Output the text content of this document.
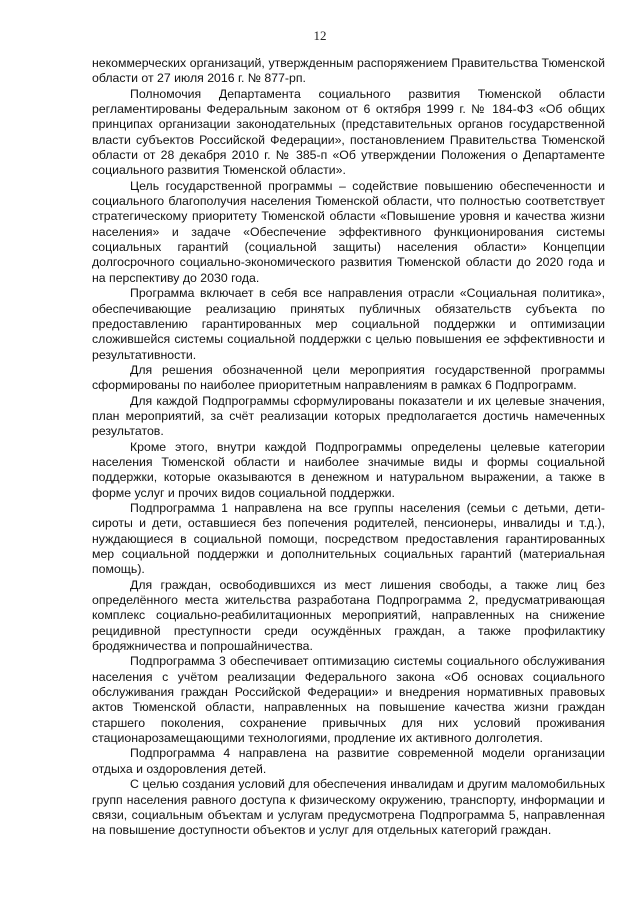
12

некоммерческих организаций, утвержденным распоряжением Правительства Тюменской области от 27 июля 2016 г. № 877-рп.

Полномочия Департамента социального развития Тюменской области регламентированы Федеральным законом от 6 октября 1999 г. № 184-ФЗ «Об общих принципах организации законодательных (представительных органов государственной власти субъектов Российской Федерации», постановлением Правительства Тюменской области от 28 декабря 2010 г. № 385-п «Об утверждении Положения о Департаменте социального развития Тюменской области».

Цель государственной программы – содействие повышению обеспеченности и социального благополучия населения Тюменской области, что полностью соответствует стратегическому приоритету Тюменской области «Повышение уровня и качества жизни населения» и задаче «Обеспечение эффективного функционирования системы социальных гарантий (социальной защиты) населения области» Концепции долгосрочного социально-экономического развития Тюменской области до 2020 года и на перспективу до 2030 года.

Программа включает в себя все направления отрасли «Социальная политика», обеспечивающие реализацию принятых публичных обязательств субъекта по предоставлению гарантированных мер социальной поддержки и оптимизации сложившейся системы социальной поддержки с целью повышения ее эффективности и результативности.

Для решения обозначенной цели мероприятия государственной программы сформированы по наиболее приоритетным направлениям в рамках 6 Подпрограмм.

Для каждой Подпрограммы сформулированы показатели и их целевые значения, план мероприятий, за счёт реализации которых предполагается достичь намеченных результатов.

Кроме этого, внутри каждой Подпрограммы определены целевые категории населения Тюменской области и наиболее значимые виды и формы социальной поддержки, которые оказываются в денежном и натуральном выражении, а также в форме услуг и прочих видов социальной поддержки.

Подпрограмма 1 направлена на все группы населения (семьи с детьми, дети-сироты и дети, оставшиеся без попечения родителей, пенсионеры, инвалиды и т.д.), нуждающиеся в социальной помощи, посредством предоставления гарантированных мер социальной поддержки и дополнительных социальных гарантий (материальная помощь).

Для граждан, освободившихся из мест лишения свободы, а также лиц без определённого места жительства разработана Подпрограмма 2, предусматривающая комплекс социально-реабилитационных мероприятий, направленных на снижение рецидивной преступности среди осуждённых граждан, а также профилактику бродяжничества и попрошайничества.

Подпрограмма 3 обеспечивает оптимизацию системы социального обслуживания населения с учётом реализации Федерального закона «Об основах социального обслуживания граждан Российской Федерации» и внедрения нормативных правовых актов Тюменской области, направленных на повышение качества жизни граждан старшего поколения, сохранение привычных для них условий проживания стационарозамещающими технологиями, продление их активного долголетия.

Подпрограмма 4 направлена на развитие современной модели организации отдыха и оздоровления детей.

С целью создания условий для обеспечения инвалидам и другим маломобильных групп населения равного доступа к физическому окружению, транспорту, информации и связи, социальным объектам и услугам предусмотрена Подпрограмма 5, направленная на повышение доступности объектов и услуг для отдельных категорий граждан.
